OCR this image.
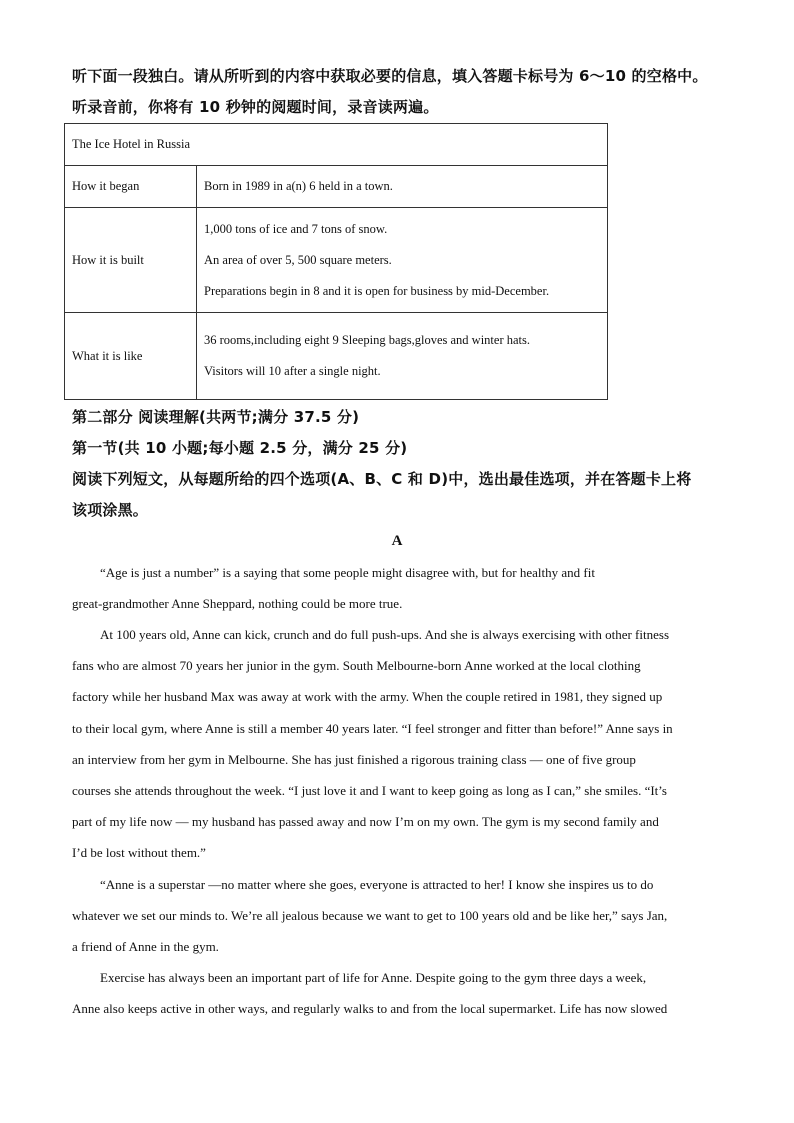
听下面一段独白。请从所听到的内容中获取必要的信息，填入答题卡标号为 6～10 的空格中。
听录音前，你将有 10 秒钟的阅题时间，录音读两遍。
The Ice Hotel in Russia	
How it began	Born in 1989 in a(n) 6 held in a town.
How it is built	1,000 tons of ice and 7 tons of snow.
An area of over 5, 500 square meters.
Preparations begin in 8 and it is open for business by mid-December.

What it is like	36 rooms,including eight 9 Sleeping bags,gloves and winter hats.
Visitors will 10 after a single night.
第二部分 阅读理解(共两节;满分 37.5 分)
第一节(共 10 小题;每小题 2.5 分，满分 25 分)
阅读下列短文，从每题所给的四个选项(A、B、C 和 D)中，选出最佳选项，并在答题卡上将
该项涂黑。
A
“Age is just a number” is a saying that some people might disagree with, but for healthy and fit
great-grandmother Anne Sheppard, nothing could be more true.
At 100 years old, Anne can kick, crunch and do full push-ups. And she is always exercising with other fitness
fans who are almost 70 years her junior in the gym. South Melbourne-born Anne worked at the local clothing
factory while her husband Max was away at work with the army. When the couple retired in 1981, they signed up
to their local gym, where Anne is still a member 40 years later. “I feel stronger and fitter than before!” Anne says in
an interview from her gym in Melbourne. She has just finished a rigorous training class — one of five group
courses she attends throughout the week. “I just love it and I want to keep going as long as I can,” she smiles. “It’s
part of my life now — my husband has passed away and now I’m on my own. The gym is my second family and
I’d be lost without them.”
“Anne is a superstar —no matter where she goes, everyone is attracted to her! I know she inspires us to do
whatever we set our minds to. We’re all jealous because we want to get to 100 years old and be like her,” says Jan,
a friend of Anne in the gym.
Exercise has always been an important part of life for Anne. Despite going to the gym three days a week,
Anne also keeps active in other ways, and regularly walks to and from the local supermarket. Life has now slowed
